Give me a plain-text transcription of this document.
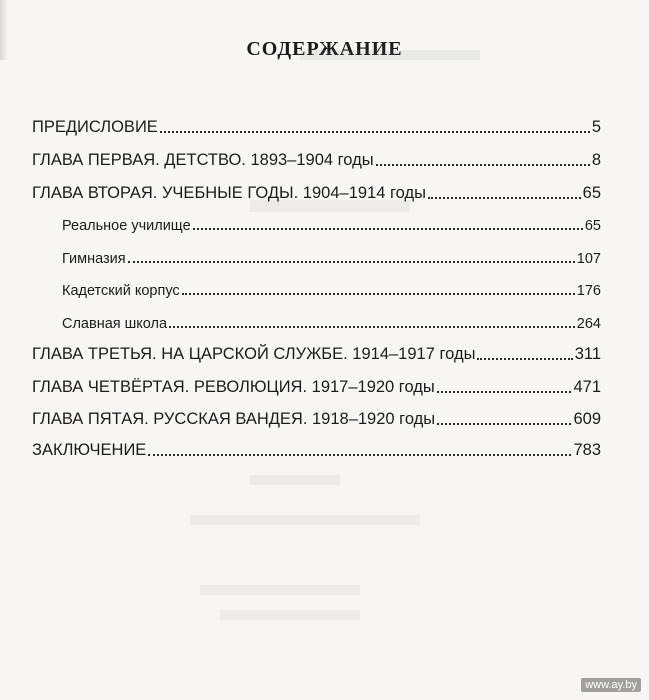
СОДЕРЖАНИЕ
ПРЕДИСЛОВИЕ	5
ГЛАВА ПЕРВАЯ. ДЕТСТВО. 1893–1904 годы	8
ГЛАВА ВТОРАЯ. УЧЕБНЫЕ ГОДЫ. 1904–1914 годы	65
Реальное училище	65
Гимназия	107
Кадетский корпус	176
Славная школа	264
ГЛАВА ТРЕТЬЯ. НА ЦАРСКОЙ СЛУЖБЕ. 1914–1917 годы	311
ГЛАВА ЧЕТВЁРТАЯ. РЕВОЛЮЦИЯ. 1917–1920 годы	471
ГЛАВА ПЯТАЯ. РУССКАЯ ВАНДЕЯ. 1918–1920 годы	609
ЗАКЛЮЧЕНИЕ	783
www.ay.by
